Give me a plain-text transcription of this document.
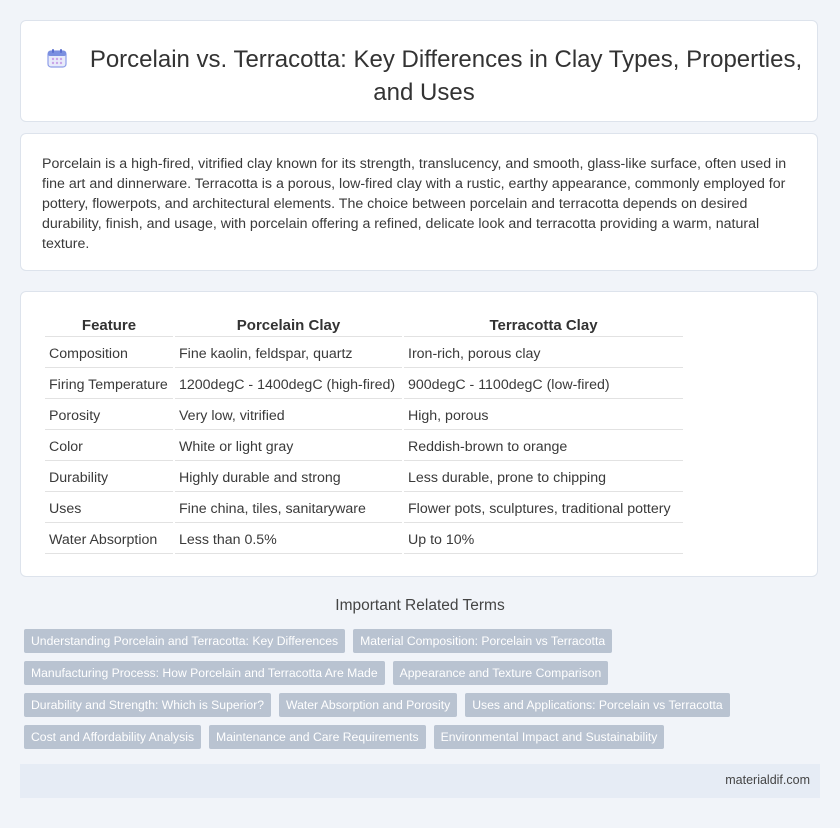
Porcelain vs. Terracotta: Key Differences in Clay Types, Properties, and Uses

Porcelain is a high-fired, vitrified clay known for its strength, translucency, and smooth, glass-like surface, often used in fine art and dinnerware. Terracotta is a porous, low-fired clay with a rustic, earthy appearance, commonly employed for pottery, flowerpots, and architectural elements. The choice between porcelain and terracotta depends on desired durability, finish, and usage, with porcelain offering a refined, delicate look and terracotta providing a warm, natural texture.

Feature	Porcelain Clay	Terracotta Clay
Composition	Fine kaolin, feldspar, quartz	Iron-rich, porous clay
Firing Temperature	1200degC - 1400degC (high-fired)	900degC - 1100degC (low-fired)
Porosity	Very low, vitrified	High, porous
Color	White or light gray	Reddish-brown to orange
Durability	Highly durable and strong	Less durable, prone to chipping
Uses	Fine china, tiles, sanitaryware	Flower pots, sculptures, traditional pottery
Water Absorption	Less than 0.5%	Up to 10%
Important Related Terms
Understanding Porcelain and Terracotta: Key Differences	Material Composition: Porcelain vs Terracotta
Manufacturing Process: How Porcelain and Terracotta Are Made	Appearance and Texture Comparison
Durability and Strength: Which is Superior?	Water Absorption and Porosity	Uses and Applications: Porcelain vs Terracotta
Cost and Affordability Analysis	Maintenance and Care Requirements	Environmental Impact and Sustainability
materialdif.com
